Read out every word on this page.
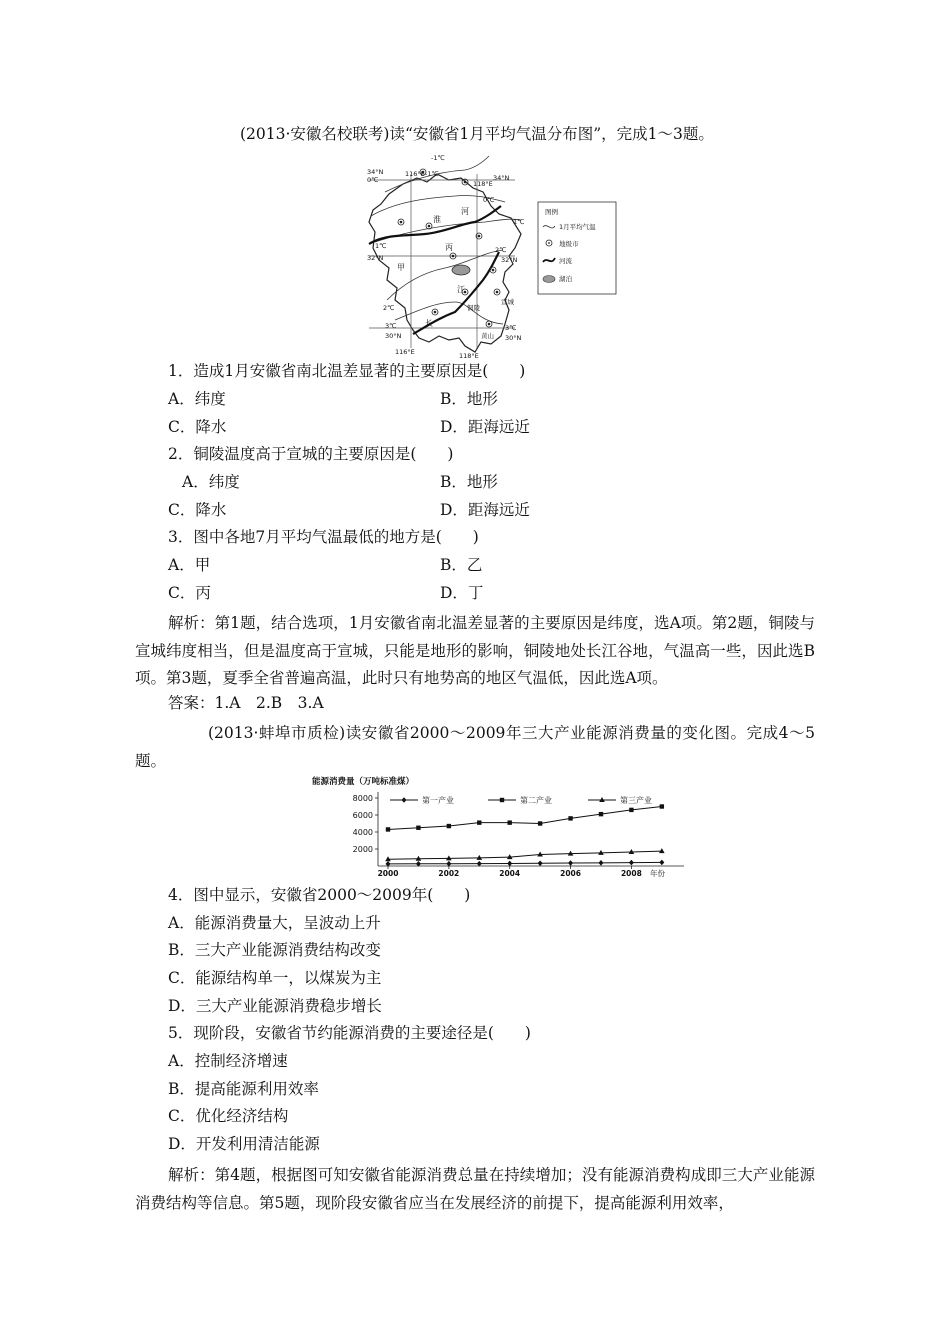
(2013·安徽名校联考)读“安徽省1月平均气温分布图”，完成1～3题。
-1℃
-1℃
0℃
0℃
1℃
1℃
2℃
2℃
3℃	3℃
116°E
118°E
116°E	118°E
34°N
34°N
32°N	32°N
30°N	30°N
淮
河
丙
甲
江
长
铜陵
宣城
黄山
图例
1月平均气温
地级市
河流
湖泊
1．造成1月安徽省南北温差显著的主要原因是(　　)
A．纬度	B．地形
C．降水	D．距海远近
2．铜陵温度高于宣城的主要原因是(　　)
A．纬度	B．地形
C．降水	D．距海远近
3．图中各地7月平均气温最低的地方是(　　)
A．甲	B．乙
C．丙	D．丁
解析：第1题，结合选项，1月安徽省南北温差显著的主要原因是纬度，选A项。第2题，铜陵与宣城纬度相当，但是温度高于宣城，只能是地形的影响，铜陵地处长江谷地，气温高一些，因此选B项。第3题，夏季全省普遍高温，此时只有地势高的地区气温低，因此选A项。
答案：1.A　2.B　3.A
(2013·蚌埠市质检)读安徽省2000～2009年三大产业能源消费量的变化图。完成4～5题。
能源消费量（万吨标准煤）
8000
6000
4000
2000
2000	2002	2004	2006	2008
第一产业	第二产业	第三产业
年份
4．图中显示，安徽省2000～2009年(　　)
A．能源消费量大，呈波动上升
B．三大产业能源消费结构改变
C．能源结构单一，以煤炭为主
D．三大产业能源消费稳步增长
5．现阶段，安徽省节约能源消费的主要途径是(　　)
A．控制经济增速
B．提高能源利用效率
C．优化经济结构
D．开发利用清洁能源
解析：第4题，根据图可知安徽省能源消费总量在持续增加；没有能源消费构成即三大产业能源消费结构等信息。第5题，现阶段安徽省应当在发展经济的前提下，提高能源利用效率，
